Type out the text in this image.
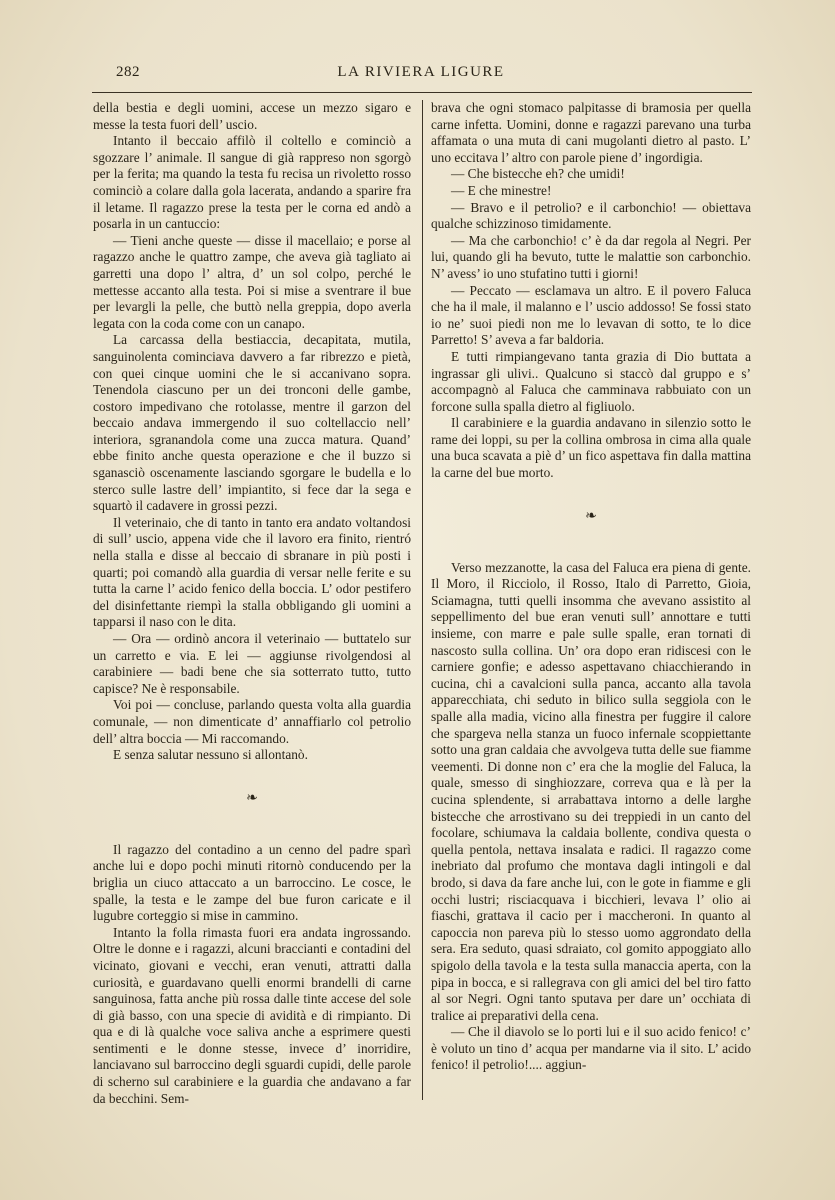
282	LA RIVIERA LIGURE

della bestia e degli uomini, accese un mezzo sigaro e messe la testa fuori dell’ uscio.

Intanto il beccaio affilò il coltello e cominciò a sgozzare l’ animale. Il sangue di già rappreso non sgorgò per la ferita; ma quando la testa fu recisa un rivoletto rosso cominciò a colare dalla gola lacerata, andando a sparire fra il letame. Il ragazzo prese la testa per le corna ed andò a posarla in un cantuccio:

— Tieni anche queste — disse il macellaio; e porse al ragazzo anche le quattro zampe, che aveva già tagliato ai garretti una dopo l’ altra, d’ un sol colpo, perché le mettesse accanto alla testa. Poi si mise a sventrare il bue per levargli la pelle, che buttò nella greppia, dopo averla legata con la coda come con un canapo.

La carcassa della bestiaccia, decapitata, mutila, sanguinolenta cominciava davvero a far ribrezzo e pietà, con quei cinque uomini che le si accanivano sopra. Tenendola ciascuno per un dei tronconi delle gambe, costoro impedivano che rotolasse, mentre il garzon del beccaio andava immergendo il suo coltellaccio nell’ interiora, sgranandola come una zucca matura. Quand’ ebbe finito anche questa operazione e che il buzzo si sganasciò oscenamente lasciando sgorgare le budella e lo sterco sulle lastre dell’ impiantito, si fece dar la sega e squartò il cadavere in grossi pezzi.

Il veterinaio, che di tanto in tanto era andato voltandosi di sull’ uscio, appena vide che il lavoro era finito, rientró nella stalla e disse al beccaio di sbranare in più posti i quarti; poi comandò alla guardia di versar nelle ferite e su tutta la carne l’ acido fenico della boccia. L’ odor pestifero del disinfettante riempì la stalla obbligando gli uomini a tapparsi il naso con le dita.

— Ora — ordinò ancora il veterinaio — buttatelo sur un carretto e via. E lei — aggiunse rivolgendosi al carabiniere — badi bene che sia sotterrato tutto, tutto capisce? Ne è responsabile.

Voi poi — concluse, parlando questa volta alla guardia comunale, — non dimenticate d’ annaffiarlo col petrolio dell’ altra boccia — Mi raccomando.

E senza salutar nessuno si allontanò.

❧

Il ragazzo del contadino a un cenno del padre sparì anche lui e dopo pochi minuti ritornò conducendo per la briglia un ciuco attaccato a un barroccino. Le cosce, le spalle, la testa e le zampe del bue furon caricate e il lugubre corteggio si mise in cammino.

Intanto la folla rimasta fuori era andata ingrossando. Oltre le donne e i ragazzi, alcuni braccianti e contadini del vicinato, giovani e vecchi, eran venuti, attratti dalla curiosità, e guardavano quelli enormi brandelli di carne sanguinosa, fatta anche più rossa dalle tinte accese del sole di già basso, con una specie di avidità e di rimpianto. Di qua e di là qualche voce saliva anche a esprimere questi sentimenti e le donne stesse, invece d’ inorridire, lanciavano sul barroccino degli sguardi cupidi, delle parole di scherno sul carabiniere e la guardia che andavano a far da becchini. Sem-

brava che ogni stomaco palpitasse di bramosia per quella carne infetta. Uomini, donne e ragazzi parevano una turba affamata o una muta di cani mugolanti dietro al pasto. L’ uno eccitava l’ altro con parole piene d’ ingordigia.

— Che bistecche eh? che umidi!

— E che minestre!

— Bravo e il petrolio? e il carbonchio! — obiettava qualche schizzinoso timidamente.

— Ma che carbonchio! c’ è da dar regola al Negri. Per lui, quando gli ha bevuto, tutte le malattie son carbonchio. N’ avess’ io uno stufatino tutti i giorni!

— Peccato — esclamava un altro. E il povero Faluca che ha il male, il malanno e l’ uscio addosso! Se fossi stato io ne’ suoi piedi non me lo levavan di sotto, te lo dice Parretto! S’ aveva a far baldoria.

E tutti rimpiangevano tanta grazia di Dio buttata a ingrassar gli ulivi.. Qualcuno si staccò dal gruppo e s’ accompagnò al Faluca che camminava rabbuiato con un forcone sulla spalla dietro al figliuolo.

Il carabiniere e la guardia andavano in silenzio sotto le rame dei loppi, su per la collina ombrosa in cima alla quale una buca scavata a piè d’ un fico aspettava fin dalla mattina la carne del bue morto.

❧

Verso mezzanotte, la casa del Faluca era piena di gente. Il Moro, il Ricciolo, il Rosso, Italo di Parretto, Gioia, Sciamagna, tutti quelli insomma che avevano assistito al seppellimento del bue eran venuti sull’ annottare e tutti insieme, con marre e pale sulle spalle, eran tornati di nascosto sulla collina. Un’ ora dopo eran ridiscesi con le carniere gonfie; e adesso aspettavano chiacchierando in cucina, chi a cavalcioni sulla panca, accanto alla tavola apparecchiata, chi seduto in bilico sulla seggiola con le spalle alla madia, vicino alla finestra per fuggire il calore che spargeva nella stanza un fuoco infernale scoppiettante sotto una gran caldaia che avvolgeva tutta delle sue fiamme veementi. Di donne non c’ era che la moglie del Faluca, la quale, smesso di singhiozzare, correva qua e là per la cucina splendente, si arrabattava intorno a delle larghe bistecche che arrostivano su dei treppiedi in un canto del focolare, schiumava la caldaia bollente, condiva questa o quella pentola, nettava insalata e radici. Il ragazzo come inebriato dal profumo che montava dagli intingoli e dal brodo, si dava da fare anche lui, con le gote in fiamme e gli occhi lustri; risciacquava i bicchieri, levava l’ olio ai fiaschi, grattava il cacio per i maccheroni. In quanto al capoccia non pareva più lo stesso uomo aggrondato della sera. Era seduto, quasi sdraiato, col gomito appoggiato allo spigolo della tavola e la testa sulla manaccia aperta, con la pipa in bocca, e si rallegrava con gli amici del bel tiro fatto al sor Negri. Ogni tanto sputava per dare un’ occhiata di tralice ai preparativi della cena.

— Che il diavolo se lo porti lui e il suo acido fenico! c’ è voluto un tino d’ acqua per mandarne via il sito. L’ acido fenico! il petrolio!.... aggiun-
